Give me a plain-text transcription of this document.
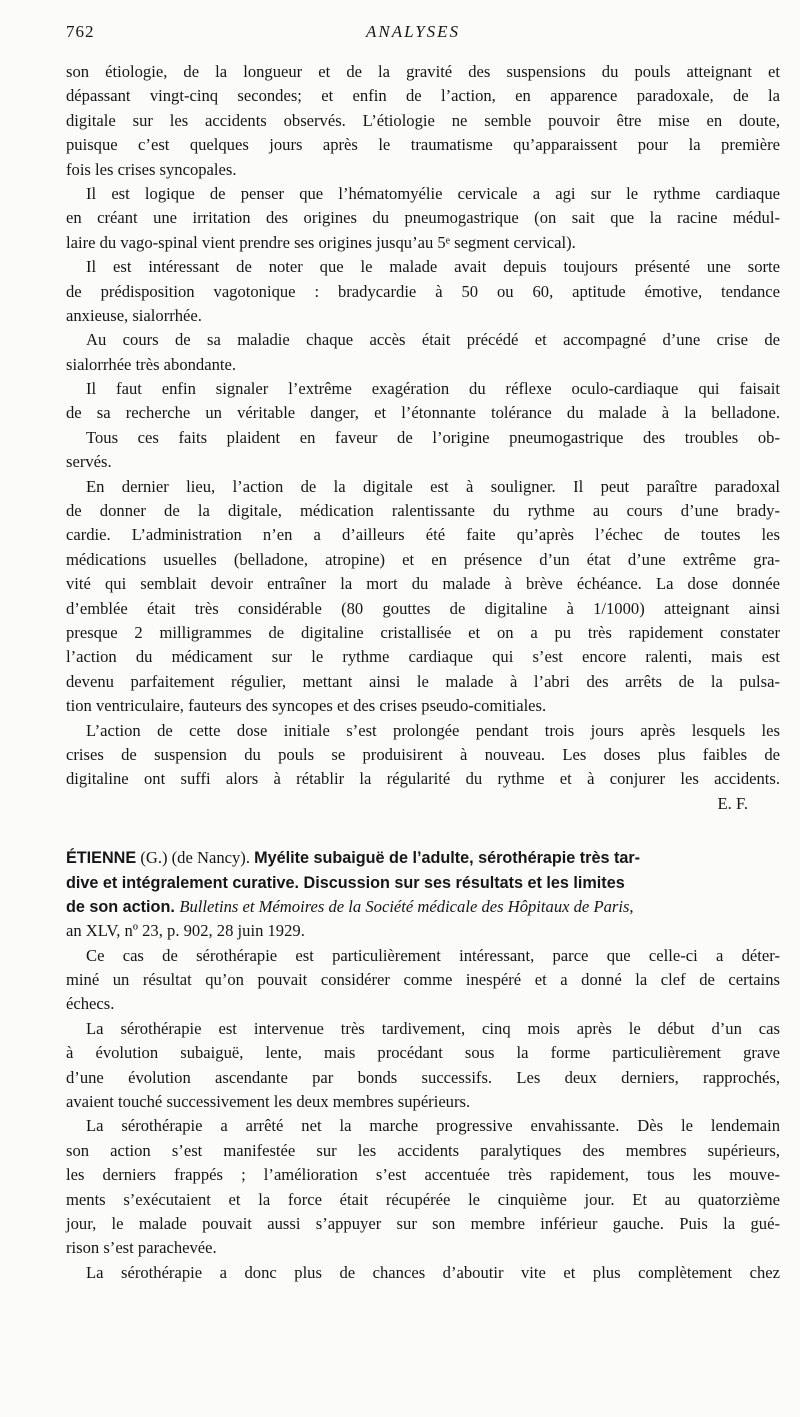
762	ANALYSES
son étiologie, de la longueur et de la gravité des suspensions du pouls atteignant et
dépassant vingt-cinq secondes; et enfin de l’action, en apparence paradoxale, de la
digitale sur les accidents observés. L’étiologie ne semble pouvoir être mise en doute,
puisque c’est quelques jours après le traumatisme qu’apparaissent pour la première
fois les crises syncopales.
Il est logique de penser que l’hématomyélie cervicale a agi sur le rythme cardiaque
en créant une irritation des origines du pneumogastrique (on sait que la racine médul-
laire du vago-spinal vient prendre ses origines jusqu’au 5ᵉ segment cervical).
Il est intéressant de noter que le malade avait depuis toujours présenté une sorte
de prédisposition vagotonique : bradycardie à 50 ou 60, aptitude émotive, tendance
anxieuse, sialorrhée.
Au cours de sa maladie chaque accès était précédé et accompagné d’une crise de
sialorrhée très abondante.
Il faut enfin signaler l’extrême exagération du réflexe oculo-cardiaque qui faisait
de sa recherche un véritable danger, et l’étonnante tolérance du malade à la belladone.
Tous ces faits plaident en faveur de l’origine pneumogastrique des troubles ob-
servés.
En dernier lieu, l’action de la digitale est à souligner. Il peut paraître paradoxal
de donner de la digitale, médication ralentissante du rythme au cours d’une brady-
cardie. L’administration n’en a d’ailleurs été faite qu’après l’échec de toutes les
médications usuelles (belladone, atropine) et en présence d’un état d’une extrême gra-
vité qui semblait devoir entraîner la mort du malade à brève échéance. La dose donnée
d’emblée était très considérable (80 gouttes de digitaline à 1/1000) atteignant ainsi
presque 2 milligrammes de digitaline cristallisée et on a pu très rapidement constater
l’action du médicament sur le rythme cardiaque qui s’est encore ralenti, mais est
devenu parfaitement régulier, mettant ainsi le malade à l’abri des arrêts de la pulsa-
tion ventriculaire, fauteurs des syncopes et des crises pseudo-comitiales.
L’action de cette dose initiale s’est prolongée pendant trois jours après lesquels les
crises de suspension du pouls se produisirent à nouveau. Les doses plus faibles de
digitaline ont suffi alors à rétablir la régularité du rythme et à conjurer les accidents.
E. F.
ÉTIENNE (G.) (de Nancy). Myélite subaiguë de l’adulte, sérothérapie très tar-
dive et intégralement curative. Discussion sur ses résultats et les limites
de son action. Bulletins et Mémoires de la Société médicale des Hôpitaux de Paris,
an XLV, nº 23, p. 902, 28 juin 1929.
Ce cas de sérothérapie est particulièrement intéressant, parce que celle-ci a déter-
miné un résultat qu’on pouvait considérer comme inespéré et a donné la clef de certains
échecs.
La sérothérapie est intervenue très tardivement, cinq mois après le début d’un cas
à évolution subaiguë, lente, mais procédant sous la forme particulièrement grave
d’une évolution ascendante par bonds successifs. Les deux derniers, rapprochés,
avaient touché successivement les deux membres supérieurs.
La sérothérapie a arrêté net la marche progressive envahissante. Dès le lendemain
son action s’est manifestée sur les accidents paralytiques des membres supérieurs,
les derniers frappés ; l’amélioration s’est accentuée très rapidement, tous les mouve-
ments s’exécutaient et la force était récupérée le cinquième jour. Et au quatorzième
jour, le malade pouvait aussi s’appuyer sur son membre inférieur gauche. Puis la gué-
rison s’est parachevée.
La sérothérapie a donc plus de chances d’aboutir vite et plus complètement chez
